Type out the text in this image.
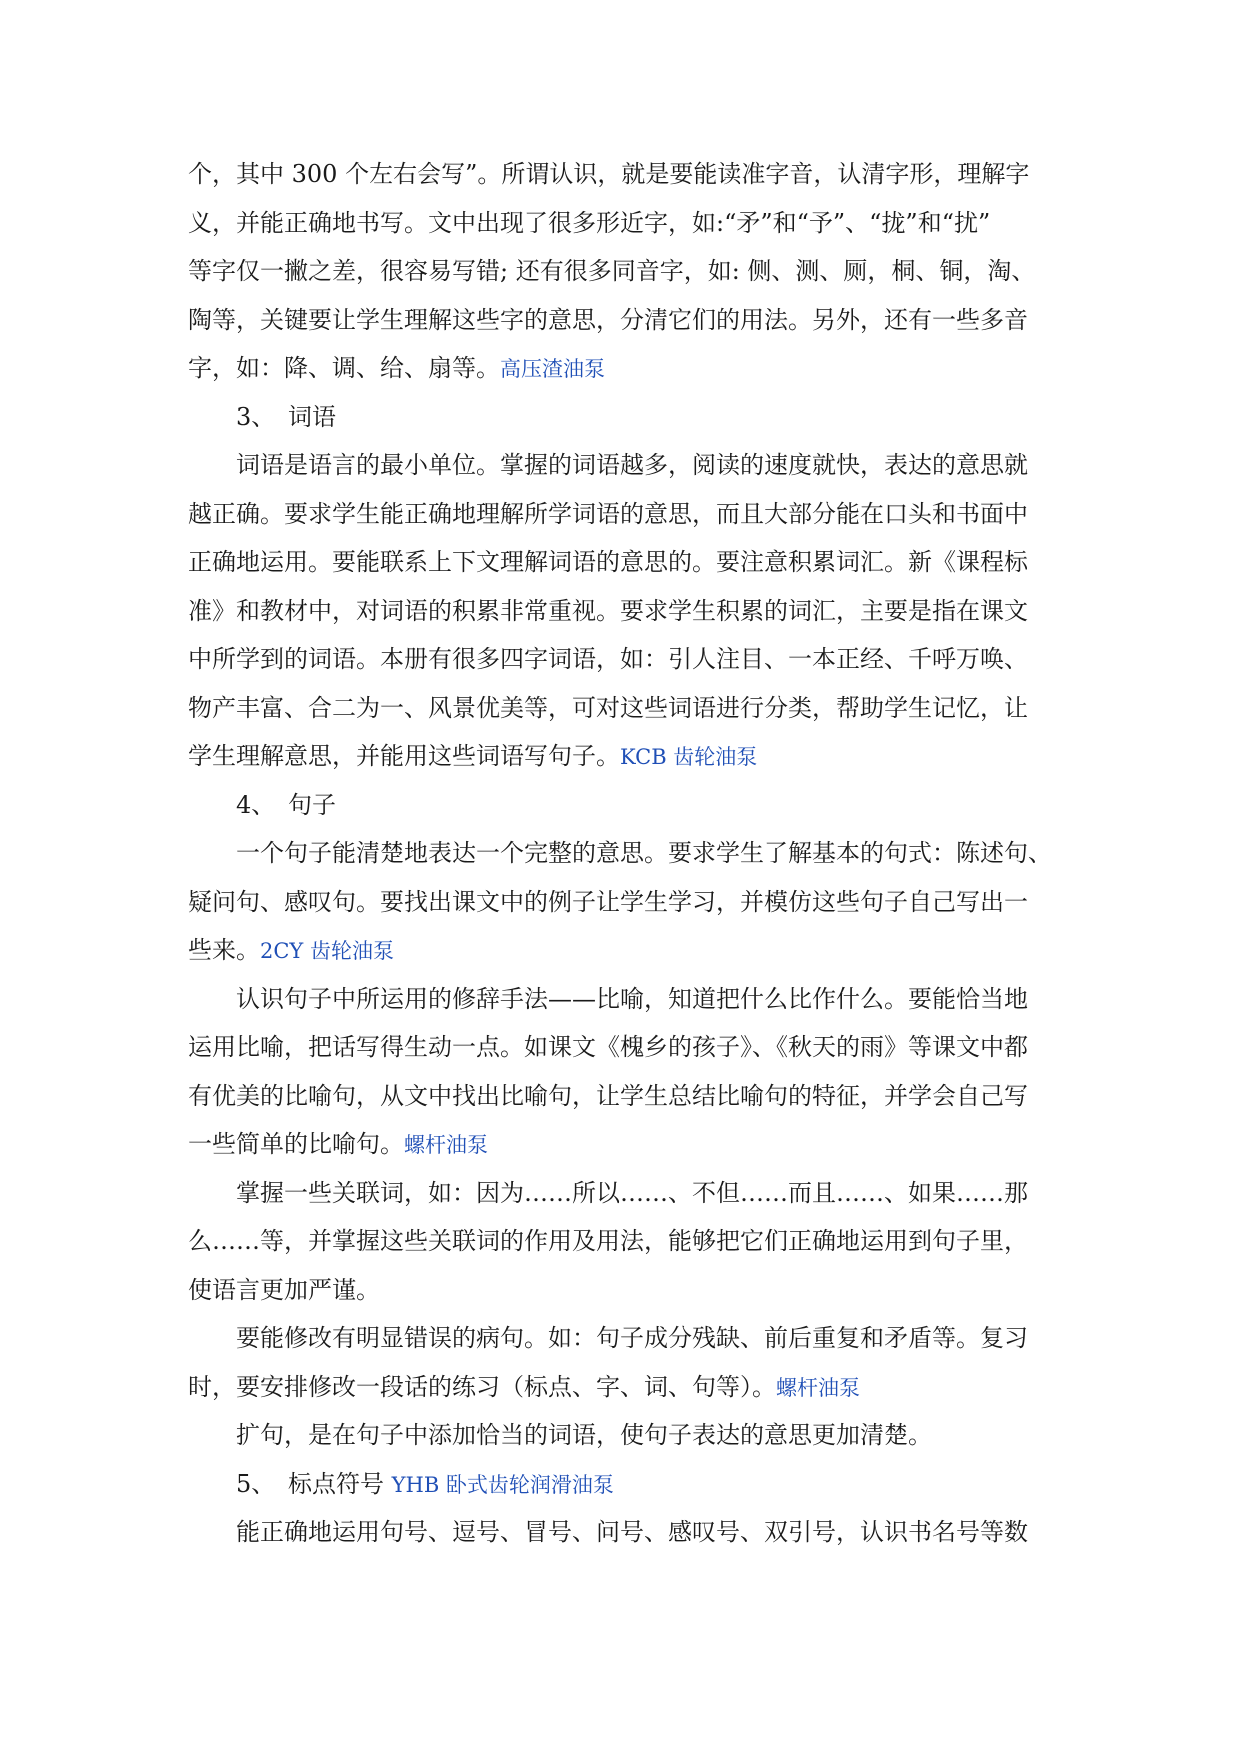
个，其中 300 个左右会写”。所谓认识，就是要能读准字音，认清字形，理解字
义，并能正确地书写。文中出现了很多形近字，如:“矛”和“予”、“拢”和“扰”
等字仅一撇之差，很容易写错; 还有很多同音字，如: 侧、测、厕，桐、铜，淘、
陶等，关键要让学生理解这些字的意思，分清它们的用法。另外，还有一些多音
字，如：降、调、给、扇等。高压渣油泵
3、 词语
词语是语言的最小单位。掌握的词语越多，阅读的速度就快，表达的意思就
越正确。要求学生能正确地理解所学词语的意思，而且大部分能在口头和书面中
正确地运用。要能联系上下文理解词语的意思的。要注意积累词汇。新《课程标
准》和教材中，对词语的积累非常重视。要求学生积累的词汇，主要是指在课文
中所学到的词语。本册有很多四字词语，如：引人注目、一本正经、千呼万唤、
物产丰富、合二为一、风景优美等，可对这些词语进行分类，帮助学生记忆，让
学生理解意思，并能用这些词语写句子。KCB 齿轮油泵
4、 句子
一个句子能清楚地表达一个完整的意思。要求学生了解基本的句式：陈述句、
疑问句、感叹句。要找出课文中的例子让学生学习，并模仿这些句子自己写出一
些来。2CY 齿轮油泵
认识句子中所运用的修辞手法——比喻，知道把什么比作什么。要能恰当地
运用比喻，把话写得生动一点。如课文《槐乡的孩子》、《秋天的雨》等课文中都
有优美的比喻句，从文中找出比喻句，让学生总结比喻句的特征，并学会自己写
一些简单的比喻句。螺杆油泵
掌握一些关联词，如：因为……所以……、不但……而且……、如果……那
么……等，并掌握这些关联词的作用及用法，能够把它们正确地运用到句子里，
使语言更加严谨。
要能修改有明显错误的病句。如：句子成分残缺、前后重复和矛盾等。复习
时，要安排修改一段话的练习（标点、字、词、句等）。螺杆油泵
扩句，是在句子中添加恰当的词语，使句子表达的意思更加清楚。
5、 标点符号 YHB 卧式齿轮润滑油泵
能正确地运用句号、逗号、冒号、问号、感叹号、双引号，认识书名号等数
